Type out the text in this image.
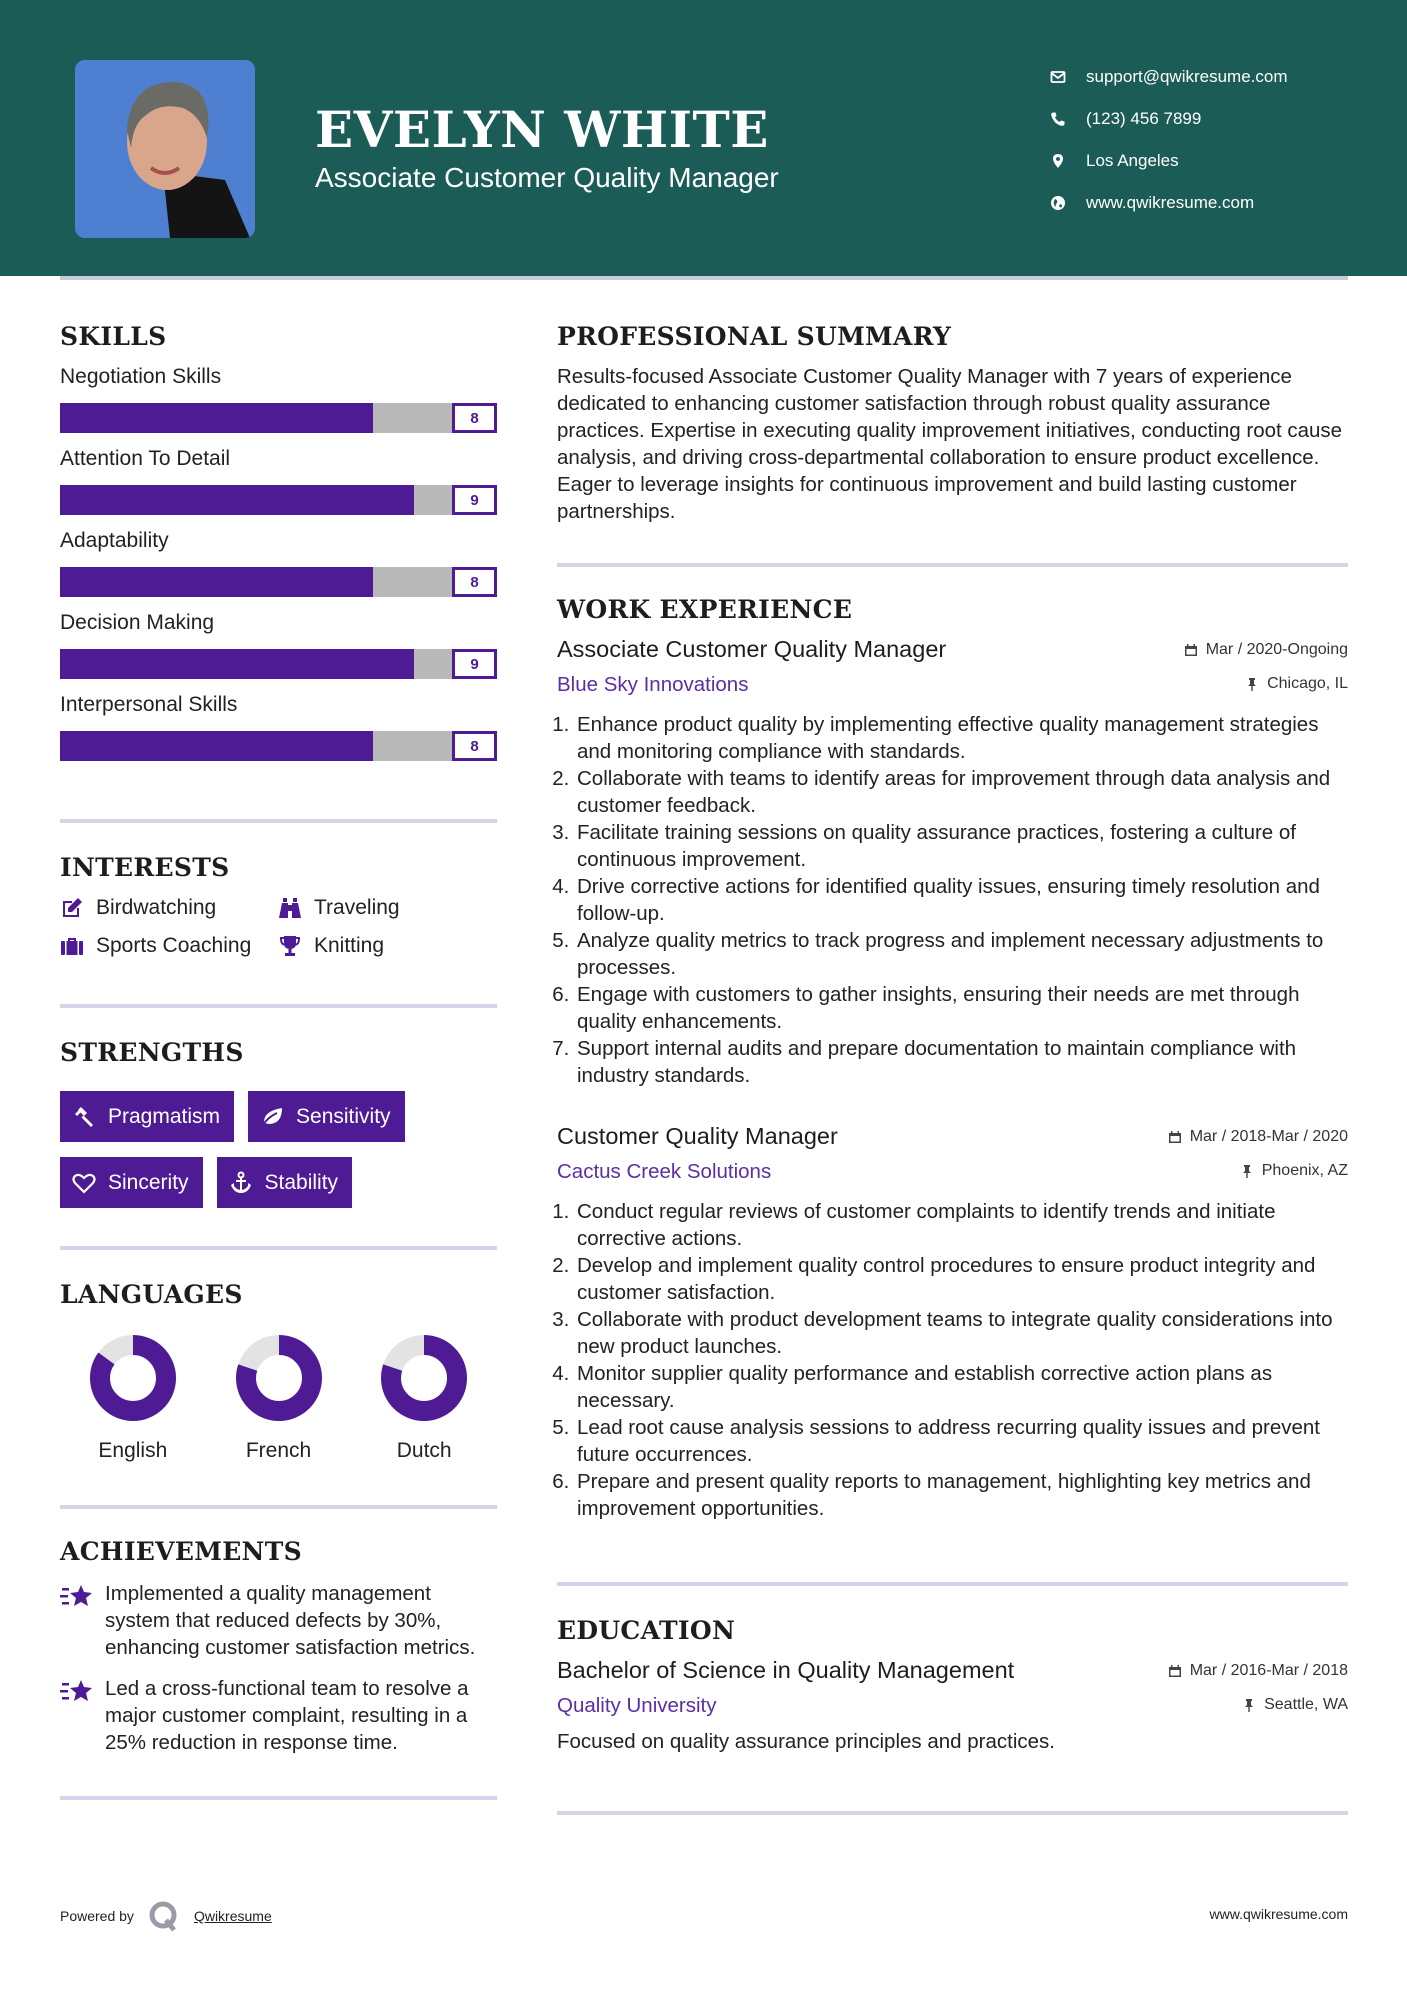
EVELYN WHITE
Associate Customer Quality Manager
support@qwikresume.com
(123) 456 7899
Los Angeles
www.qwikresume.com
SKILLS
Negotiation Skills
8
Attention To Detail
9
Adaptability
8
Decision Making
9
Interpersonal Skills
8
INTERESTS
Birdwatching	Traveling
Sports Coaching	Knitting
STRENGTHS
Pragmatism	Sensitivity
Sincerity	Stability
LANGUAGES
English	French	Dutch
ACHIEVEMENTS

Implemented a quality management system that reduced defects by 30%, enhancing customer satisfaction metrics.

Led a cross-functional team to resolve a major customer complaint, resulting in a 25% reduction in response time.

PROFESSIONAL SUMMARY

Results-focused Associate Customer Quality Manager with 7 years of experience dedicated to enhancing customer satisfaction through robust quality assurance practices. Expertise in executing quality improvement initiatives, conducting root cause analysis, and driving cross-departmental collaboration to ensure product excellence. Eager to leverage insights for continuous improvement and build lasting customer partnerships.

WORK EXPERIENCE
Associate Customer Quality Manager	Mar / 2020-Ongoing
Blue Sky Innovations	Chicago, IL
1. Enhance product quality by implementing effective quality management strategies and monitoring compliance with standards.
2. Collaborate with teams to identify areas for improvement through data analysis and customer feedback.
3. Facilitate training sessions on quality assurance practices, fostering a culture of continuous improvement.
4. Drive corrective actions for identified quality issues, ensuring timely resolution and follow-up.
5. Analyze quality metrics to track progress and implement necessary adjustments to processes.
6. Engage with customers to gather insights, ensuring their needs are met through quality enhancements.
7. Support internal audits and prepare documentation to maintain compliance with industry standards.
Customer Quality Manager	Mar / 2018-Mar / 2020
Cactus Creek Solutions	Phoenix, AZ
1. Conduct regular reviews of customer complaints to identify trends and initiate corrective actions.
2. Develop and implement quality control procedures to ensure product integrity and customer satisfaction.
3. Collaborate with product development teams to integrate quality considerations into new product launches.
4. Monitor supplier quality performance and establish corrective action plans as necessary.
5. Lead root cause analysis sessions to address recurring quality issues and prevent future occurrences.
6. Prepare and present quality reports to management, highlighting key metrics and improvement opportunities.
EDUCATION
Bachelor of Science in Quality Management	Mar / 2016-Mar / 2018
Quality University	Seattle, WA

Focused on quality assurance principles and practices.

Powered by	Qwikresume	www.qwikresume.com
